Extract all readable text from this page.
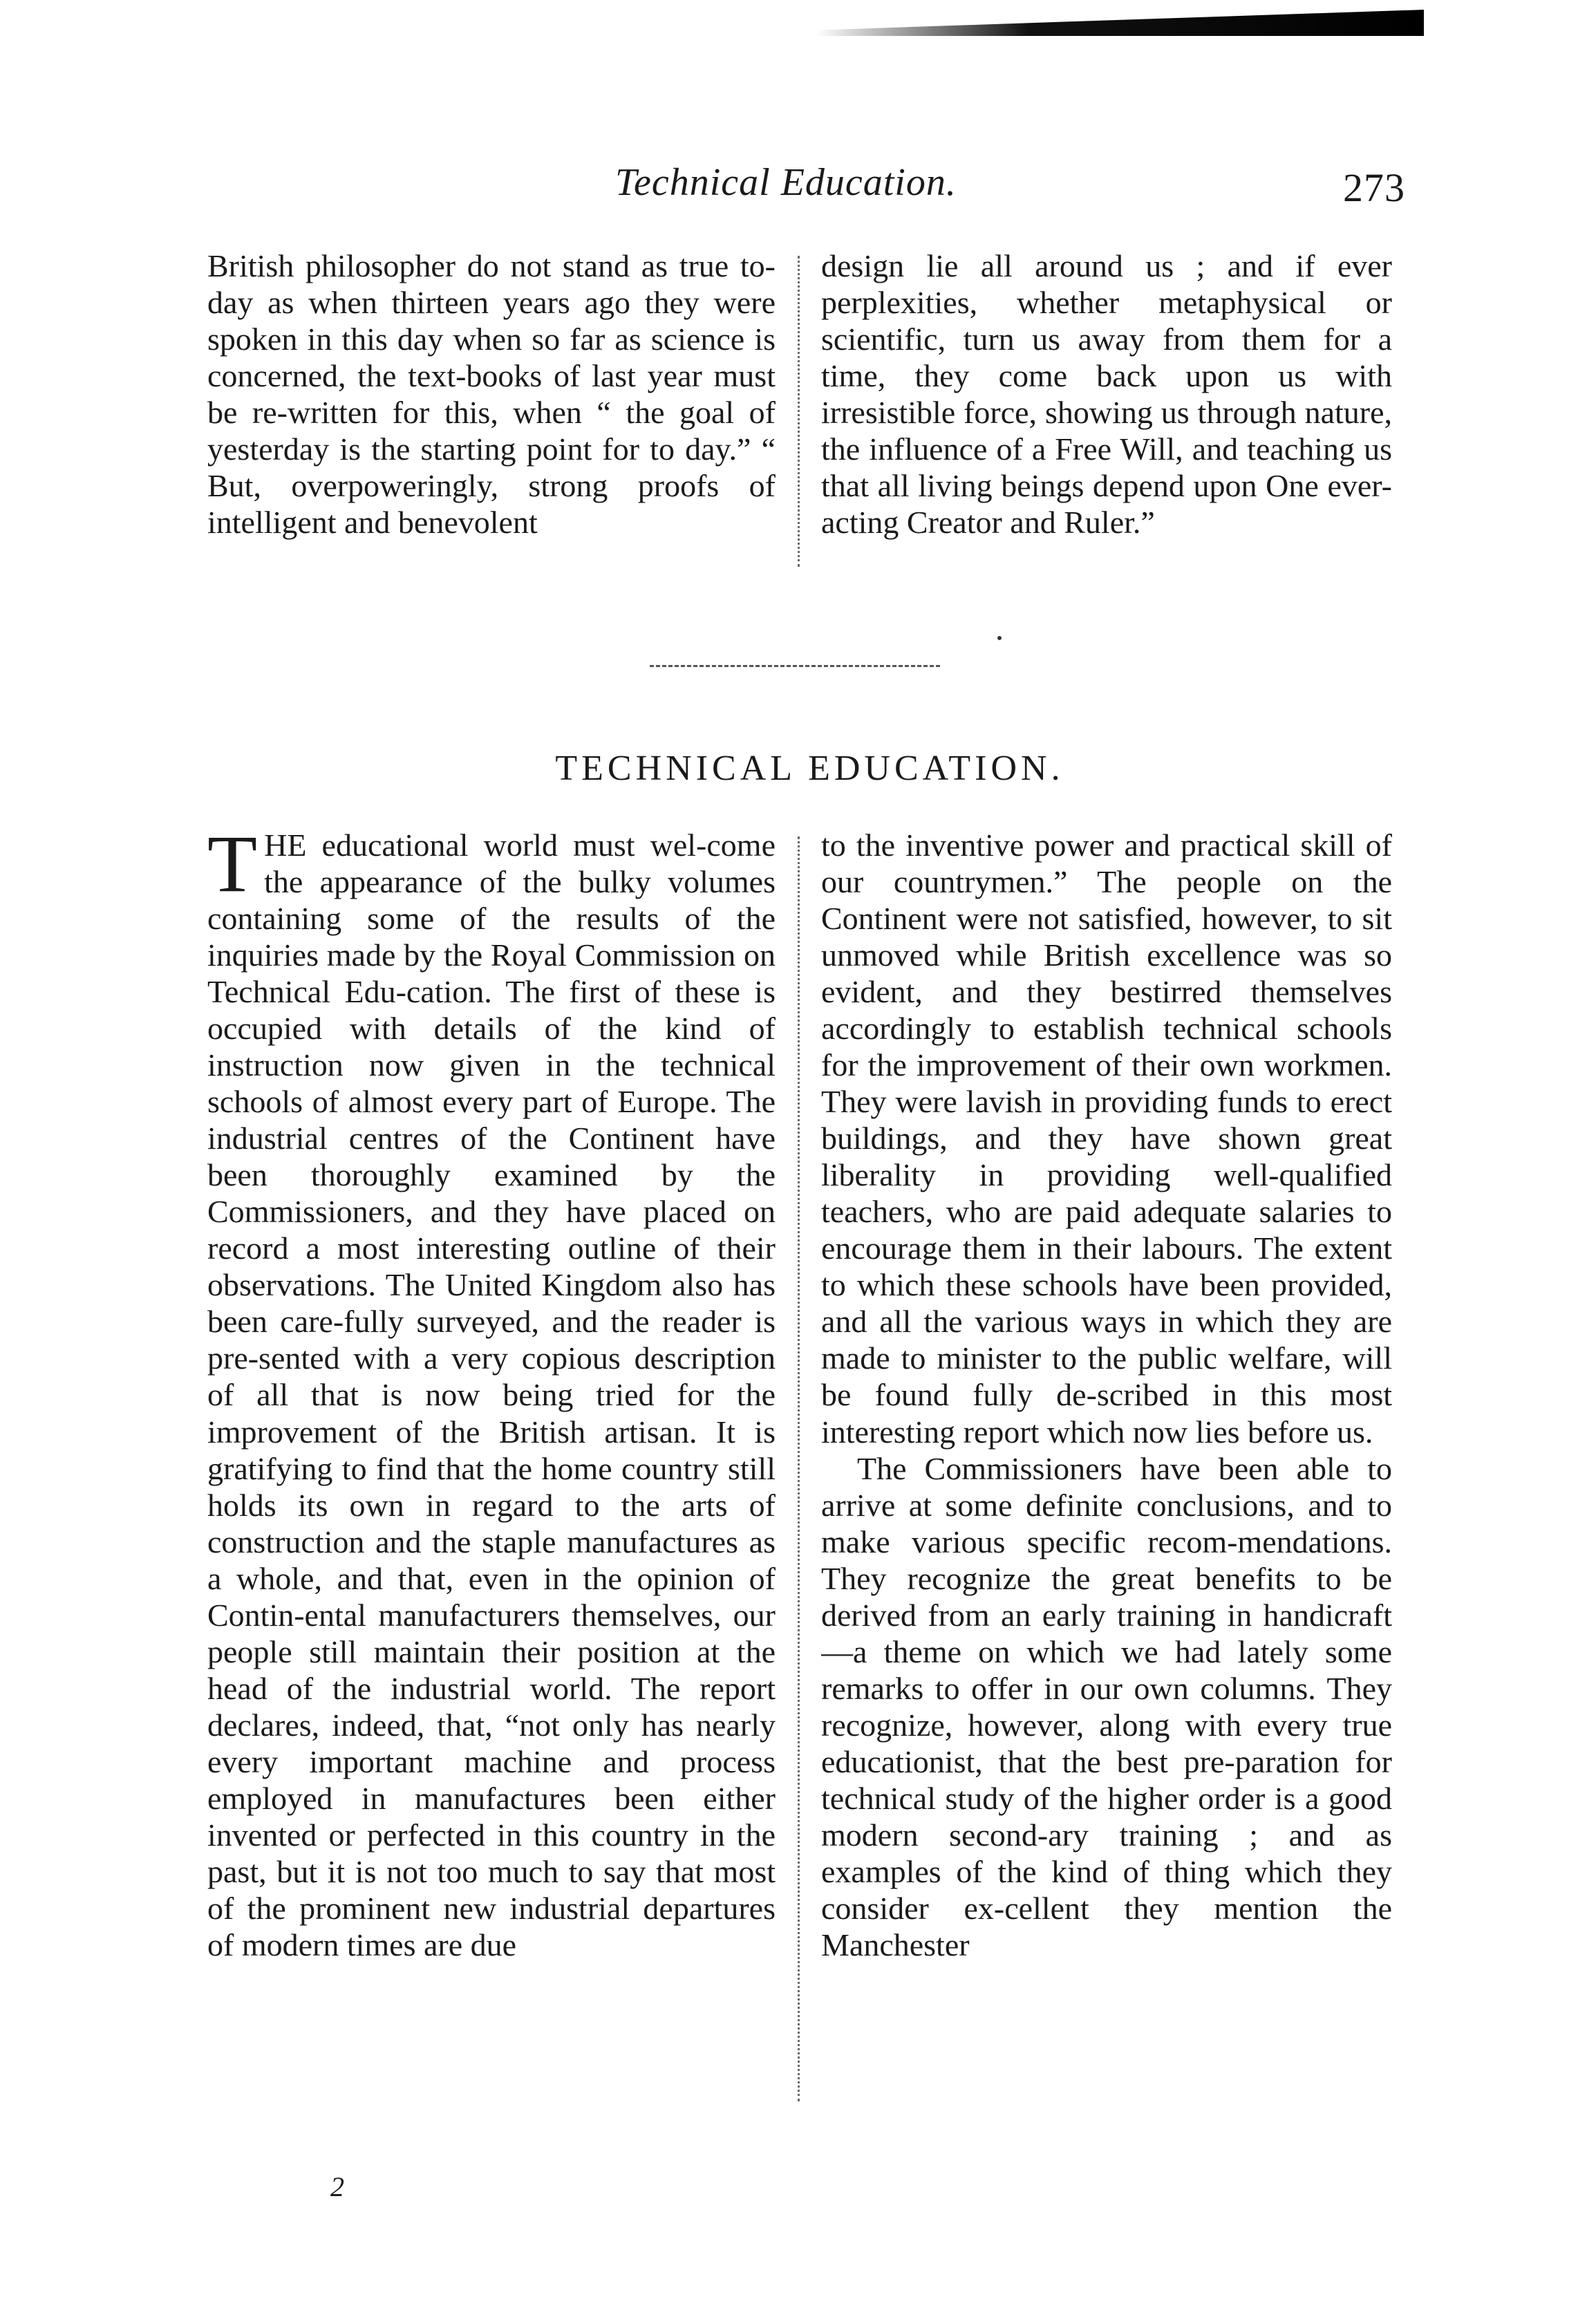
Technical Education.	273

British philosopher do not stand as true to-day as when thirteen years ago they were spoken in this day when so far as science is concerned, the text-books of last year must be re-written for this, when “ the goal of yesterday is the starting point for to day.” “ But, overpoweringly, strong proofs of intelligent and benevolent

design lie all around us ; and if ever perplexities, whether metaphysical or scientific, turn us away from them for a time, they come back upon us with irresistible force, showing us through nature, the influence of a Free Will, and teaching us that all living beings depend upon One ever-acting Creator and Ruler.”

TECHNICAL EDUCATION.

THE educational world must wel-come the appearance of the bulky volumes containing some of the results of the inquiries made by the Royal Commission on Technical Edu-cation. The first of these is occupied with details of the kind of instruction now given in the technical schools of almost every part of Europe. The industrial centres of the Continent have been thoroughly examined by the Commissioners, and they have placed on record a most interesting outline of their observations. The United Kingdom also has been care-fully surveyed, and the reader is pre-sented with a very copious description of all that is now being tried for the improvement of the British artisan. It is gratifying to find that the home country still holds its own in regard to the arts of construction and the staple manufactures as a whole, and that, even in the opinion of Contin-ental manufacturers themselves, our people still maintain their position at the head of the industrial world. The report declares, indeed, that, “not only has nearly every important machine and process employed in manufactures been either invented or perfected in this country in the past, but it is not too much to say that most of the prominent new industrial departures of modern times are due

to the inventive power and practical skill of our countrymen.” The people on the Continent were not satisfied, however, to sit unmoved while British excellence was so evident, and they bestirred themselves accordingly to establish technical schools for the improvement of their own workmen. They were lavish in providing funds to erect buildings, and they have shown great liberality in providing well-qualified teachers, who are paid adequate salaries to encourage them in their labours. The extent to which these schools have been provided, and all the various ways in which they are made to minister to the public welfare, will be found fully de-scribed in this most interesting report which now lies before us.

The Commissioners have been able to arrive at some definite conclusions, and to make various specific recom-mendations. They recognize the great benefits to be derived from an early training in handicraft—a theme on which we had lately some remarks to offer in our own columns. They recognize, however, along with every true educationist, that the best pre-paration for technical study of the higher order is a good modern second-ary training ; and as examples of the kind of thing which they consider ex-cellent they mention the Manchester

2
